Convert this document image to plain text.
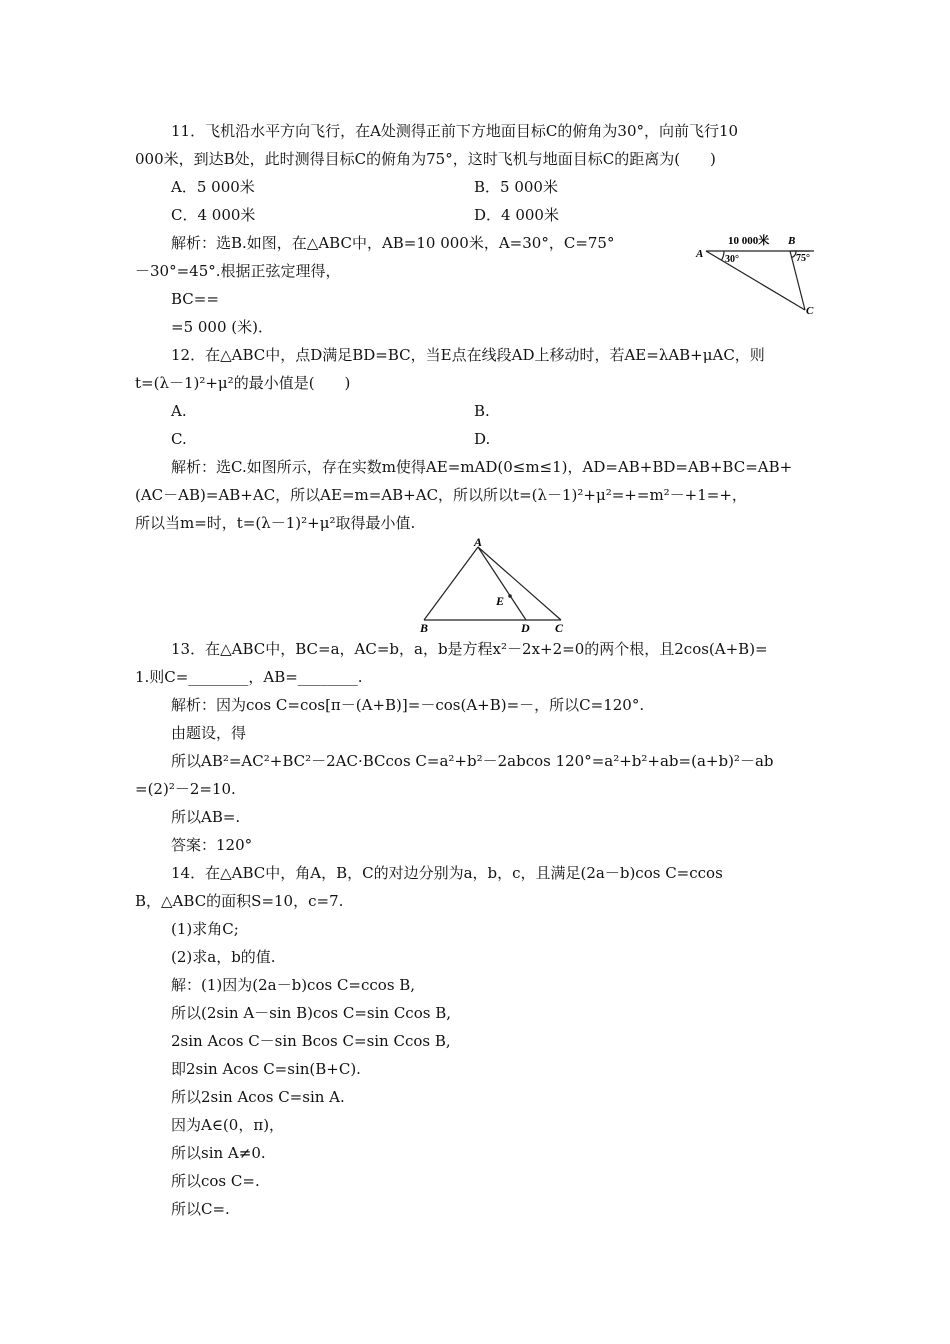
11．飞机沿水平方向飞行，在A处测得正前下方地面目标C的俯角为30°，向前飞行10
000米，到达B处，此时测得目标C的俯角为75°，这时飞机与地面目标C的距离为(　　)
A．5 000米	B．5 000米
C．4 000米	D．4 000米
解析：选B.如图，在△ABC中，AB=10 000米，A=30°，C=75°
－30°=45°.根据正弦定理得，
BC==
=5 000 (米)．
10 000米
A
B
C
30°	75°
12．在△ABC中，点D满足BD=BC，当E点在线段AD上移动时，若AE=λAB+μAC，则
t=(λ－1)²+μ²的最小值是(　　)
A.	B.
C.	D.
解析：选C.如图所示，存在实数m使得AE=mAD(0≤m≤1)，AD=AB+BD=AB+BC=AB+
(AC－AB)=AB+AC，所以AE=m=AB+AC，所以所以t=(λ－1)²+μ²=+=m²－+1=+，
所以当m=时，t=(λ－1)²+μ²取得最小值.
A
B	C
D
E
13．在△ABC中，BC=a，AC=b，a，b是方程x²－2x+2=0的两个根，且2cos(A+B)=
1.则C=________，AB=________.
解析：因为cos C=cos[π－(A+B)]=－cos(A+B)=－，所以C=120°.
由题设，得
所以AB²=AC²+BC²－2AC·BCcos C=a²+b²－2abcos 120°=a²+b²+ab=(a+b)²－ab
=(2)²－2=10.
所以AB=.
答案：120°
14．在△ABC中，角A，B，C的对边分别为a，b，c，且满足(2a－b)cos C=ccos
B，△ABC的面积S=10，c=7.
(1)求角C;
(2)求a，b的值.
解：(1)因为(2a－b)cos C=ccos B,
所以(2sin A－sin B)cos C=sin Ccos B,
2sin Acos C－sin Bcos C=sin Ccos B,
即2sin Acos C=sin(B+C).
所以2sin Acos C=sin A.
因为A∈(0，π)，
所以sin A≠0.
所以cos C=.
所以C=.
